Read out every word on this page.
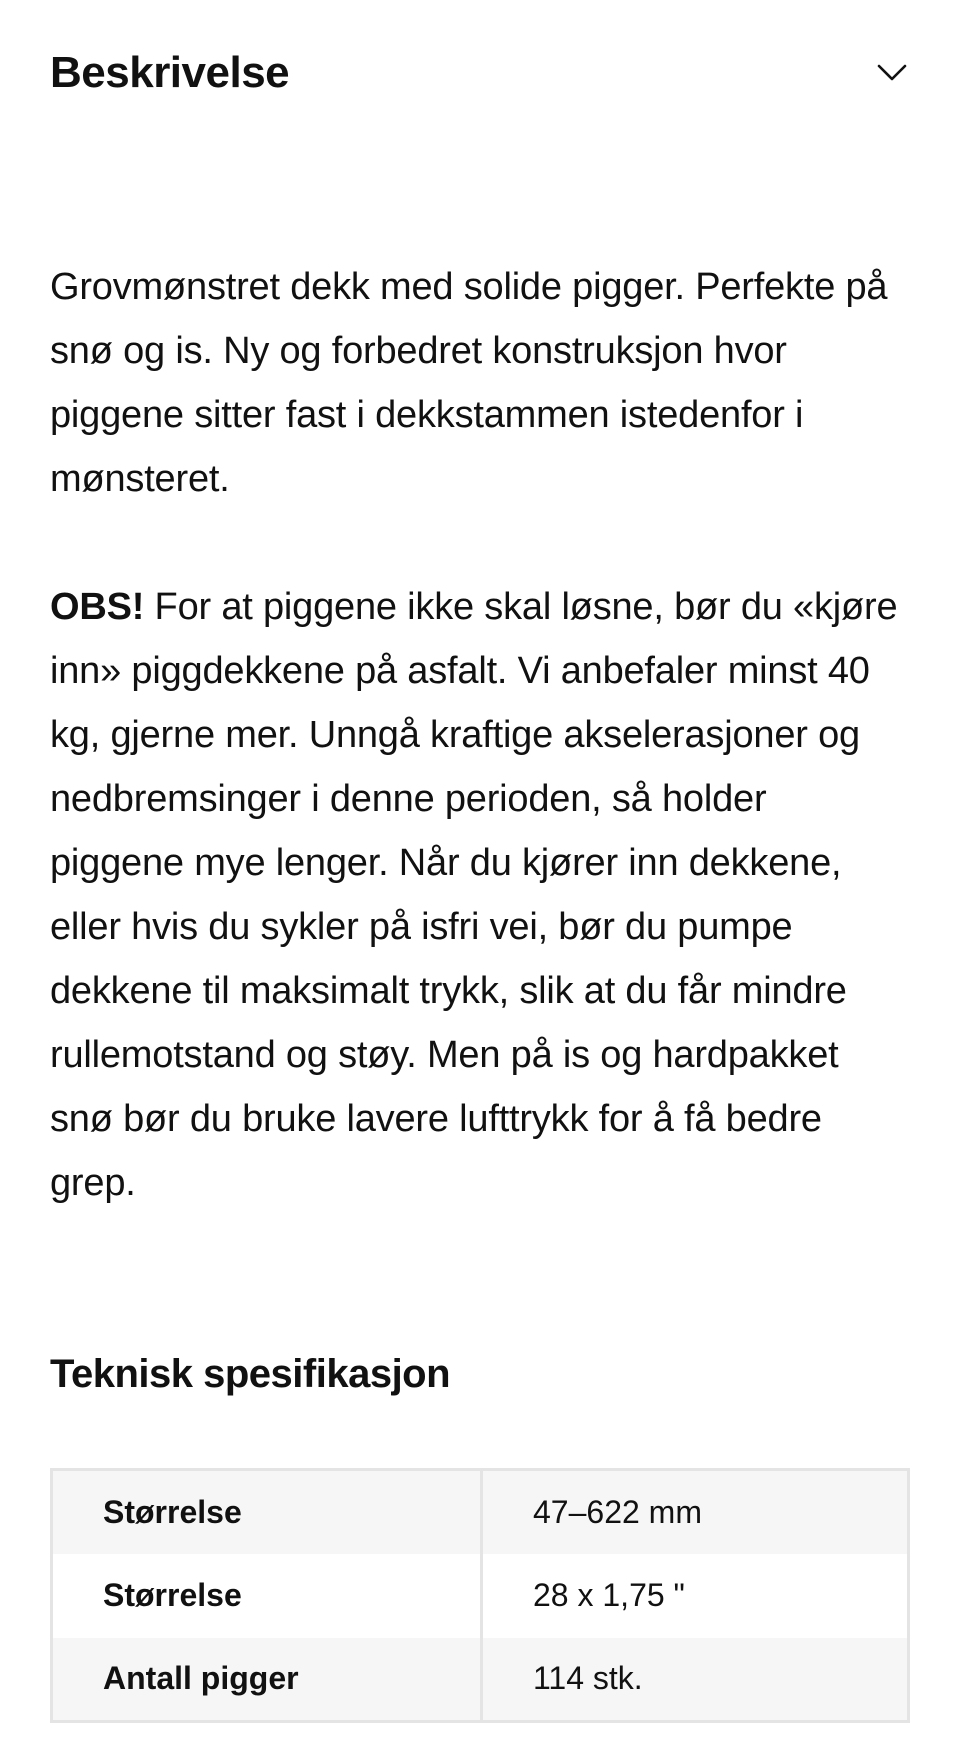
Beskrivelse

Grovmønstret dekk med solide pigger. Perfekte på snø og is. Ny og forbedret konstruksjon hvor piggene sitter fast i dekkstammen istedenfor i mønsteret.

OBS! For at piggene ikke skal løsne, bør du «kjøre inn» piggdekkene på asfalt. Vi anbefaler minst 40 kg, gjerne mer. Unngå kraftige akselerasjoner og nedbremsinger i denne perioden, så holder piggene mye lenger. Når du kjører inn dekkene, eller hvis du sykler på isfri vei, bør du pumpe dekkene til maksimalt trykk, slik at du får mindre rullemotstand og støy. Men på is og hardpakket snø bør du bruke lavere lufttrykk for å få bedre grep.

Teknisk spesifikasjon
Størrelse	47–622 mm
Størrelse	28 x 1,75 "
Antall pigger	114 stk.
